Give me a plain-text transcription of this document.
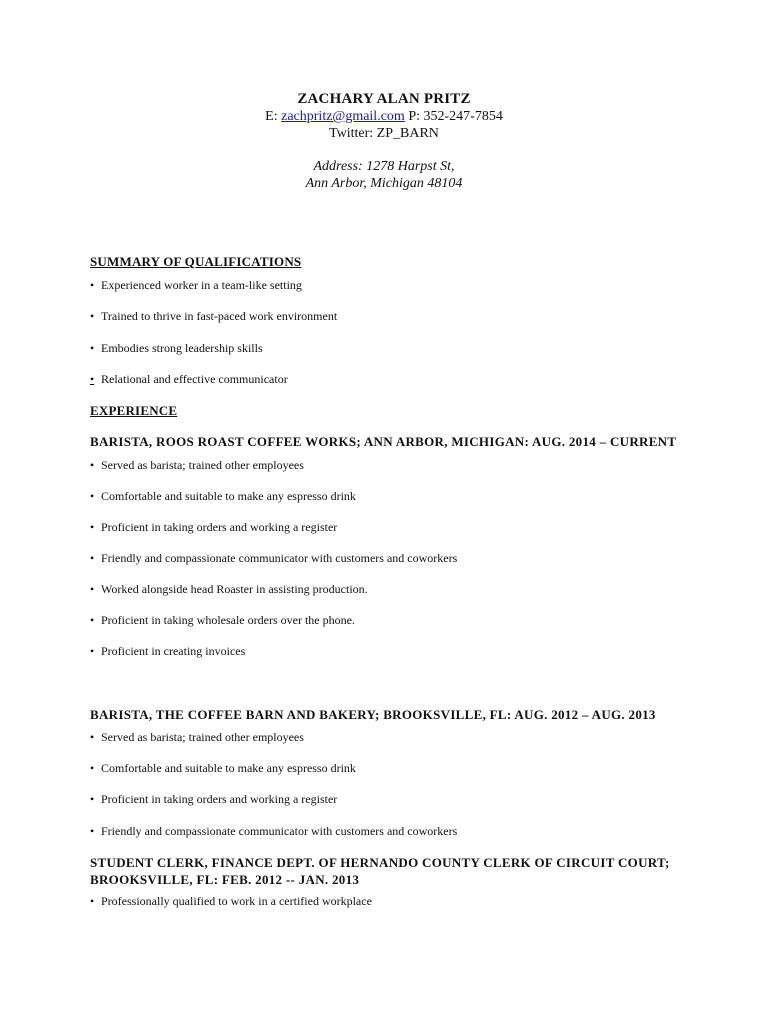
ZACHARY ALAN PRITZ
E: zachpritz@gmail.com P: 352-247-7854
Twitter: ZP_BARN
Address: 1278 Harpst St,
Ann Arbor, Michigan 48104
SUMMARY OF QUALIFICATIONS
• Experienced worker in a team-like setting
• Trained to thrive in fast-paced work environment
• Embodies strong leadership skills
• Relational and effective communicator
EXPERIENCE
BARISTA, ROOS ROAST COFFEE WORKS; ANN ARBOR, MICHIGAN: AUG. 2014 – CURRENT
• Served as barista; trained other employees
• Comfortable and suitable to make any espresso drink
• Proficient in taking orders and working a register
• Friendly and compassionate communicator with customers and coworkers
• Worked alongside head Roaster in assisting production.
• Proficient in taking wholesale orders over the phone.
• Proficient in creating invoices
BARISTA, THE COFFEE BARN AND BAKERY; BROOKSVILLE, FL: AUG. 2012 – AUG. 2013
• Served as barista; trained other employees
• Comfortable and suitable to make any espresso drink
• Proficient in taking orders and working a register
• Friendly and compassionate communicator with customers and coworkers
STUDENT CLERK, FINANCE DEPT. OF HERNANDO COUNTY CLERK OF CIRCUIT COURT;
BROOKSVILLE, FL: FEB. 2012 -- JAN. 2013
• Professionally qualified to work in a certified workplace
